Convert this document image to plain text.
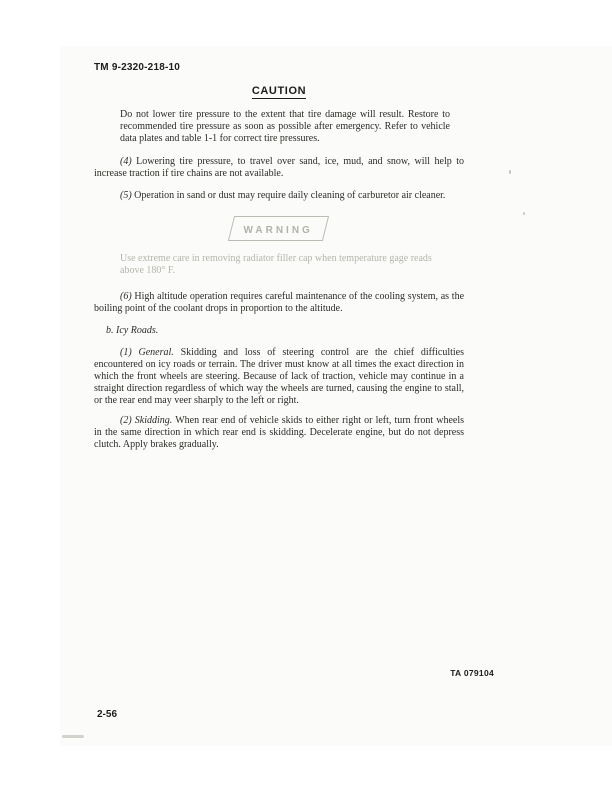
TM 9-2320-218-10
CAUTION

Do not lower tire pressure to the extent that tire damage will result. Restore to recommended tire pressure as soon as possible after emergency. Refer to vehicle data plates and table 1-1 for correct tire pressures.

(4) Lowering tire pressure, to travel over sand, ice, mud, and snow, will help to increase traction if tire chains are not available.

(5) Operation in sand or dust may require daily cleaning of carburetor air cleaner.

WARNING

Use extreme care in removing radiator filler cap when temperature gage reads above 180° F.

(6) High altitude operation requires careful maintenance of the cooling system, as the boiling point of the coolant drops in proportion to the altitude.

b. Icy Roads.

(1) General. Skidding and loss of steering control are the chief difficulties encountered on icy roads or terrain. The driver must know at all times the exact direction in which the front wheels are steering. Because of lack of traction, vehicle may continue in a straight direction regardless of which way the wheels are turned, causing the engine to stall, or the rear end may veer sharply to the left or right.

(2) Skidding. When rear end of vehicle skids to either right or left, turn front wheels in the same direction in which rear end is skidding. Decelerate engine, but do not depress clutch. Apply brakes gradually.

TA 079104
2-56
